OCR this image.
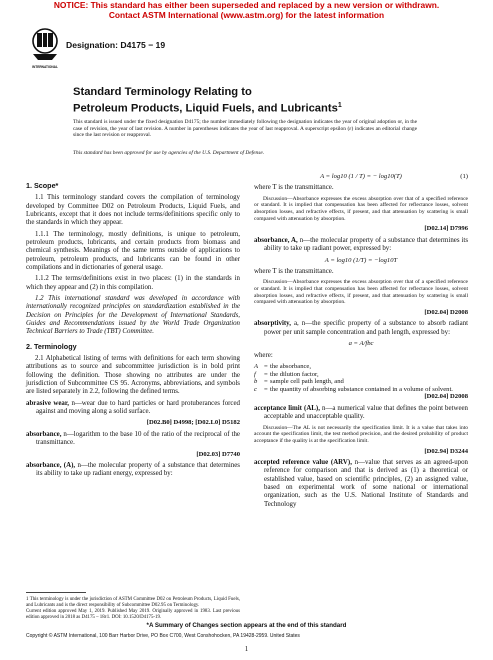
NOTICE: This standard has either been superseded and replaced by a new version or withdrawn.
Contact ASTM International (www.astm.org) for the latest information
INTERNATIONAL
Designation: D4175 − 19
Standard Terminology Relating to
Petroleum Products, Liquid Fuels, and Lubricants$^1$
This standard is issued under the fixed designation D4175; the number immediately following the designation indicates the year of original adoption or, in the case of revision, the year of last revision. A number in parentheses indicates the year of last reapproval. A superscript epsilon (ε) indicates an editorial change since the last revision or reapproval.
This standard has been approved for use by agencies of the U.S. Department of Defense.

1. Scope*

1.1 This terminology standard covers the compilation of terminology developed by Committee D02 on Petroleum Products, Liquid Fuels, and Lubricants, except that it does not include terms/definitions specific only to the standards in which they appear.

1.1.1 The terminology, mostly definitions, is unique to petroleum, petroleum products, lubricants, and certain products from biomass and chemical synthesis. Meanings of the same terms outside of applications to petroleum, petroleum products, and lubricants can be found in other compilations and in dictionaries of general usage.

1.1.2 The terms/definitions exist in two places: (1) in the standards in which they appear and (2) in this compilation.

1.2 This international standard was developed in accordance with internationally recognized principles on standardization established in the Decision on Principles for the Development of International Standards, Guides and Recommendations issued by the World Trade Organization Technical Barriers to Trade (TBT) Committee.

2. Terminology

2.1 Alphabetical listing of terms with definitions for each term showing attributions as to source and subcommittee jurisdiction is in bold print following the definition. Those showing no attributes are under the jurisdiction of Subcommittee CS 95. Acronyms, abbreviations, and symbols are listed separately in 2.2, following the defined terms.

abrasive wear, n—wear due to hard particles or hard protuberances forced against and moving along a solid surface.

[D02.B0] D4998; [D02.L0] D5182

absorbance, n—logarithm to the base 10 of the ratio of the reciprocal of the transmittance.

[D02.03] D7740

absorbance, (A), n—the molecular property of a substance that determines its ability to take up radiant energy, expressed by:

1 This terminology is under the jurisdiction of ASTM Committee D02 on Petroleum Products, Liquid Fuels, and Lubricants and is the direct responsibility of Subcommittee D02.95 on Terminology.
Current edition approved May 1, 2019. Published May 2019. Originally approved in 1983. Last previous edition approved in 2018 as D4175 – 18ε1. DOI: 10.1520/D4175-19.

A = log10 (1 / T) = − log10(T)	(1)

where T is the transmittance.

Discussion—Absorbance expresses the excess absorption over that of a specified reference or standard. It is implied that compensation has been affected for reflectance losses, solvent absorption losses, and refractive effects, if present, and that attenuation by scattering is small compared with attenuation by absorption.

[D02.14] D7996

absorbance, A, n—the molecular property of a substance that determines its ability to take up radiant power, expressed by:

A = log10 (1/T) = −log10T

where T is the transmittance.

Discussion—Absorbance expresses the excess absorption over that of a specified reference or standard. It is implied that compensation has been affected for reflectance losses, solvent absorption losses, and refractive effects, if present, and that attenuation by scattering is small compared with attenuation by absorption.

[D02.04] D2008

absorptivity, a, n—the specific property of a substance to absorb radiant power per unit sample concentration and path length, expressed by:

a = A/fbc

where:

A = the absorbance,
f	= the dilution factor,
b	= sample cell path length, and
c	= the quantity of absorbing substance contained in a volume of solvent.

[D02.04] D2008

acceptance limit (AL), n—a numerical value that defines the point between acceptable and unacceptable quality.

Discussion—The AL is not necessarily the specification limit. It is a value that takes into account the specification limit, the test method precision, and the desired probability of product acceptance if the quality is at the specification limit.

[D02.94] D3244

accepted reference value (ARV), n—value that serves as an agreed-upon reference for comparison and that is derived as (1) a theoretical or established value, based on scientific principles, (2) an assigned value, based on experimental work of some national or international organization, such as the U.S. National Institute of Standards and Technology

*A Summary of Changes section appears at the end of this standard
Copyright © ASTM International, 100 Barr Harbor Drive, PO Box C700, West Conshohocken, PA 19428-2959. United States
1
